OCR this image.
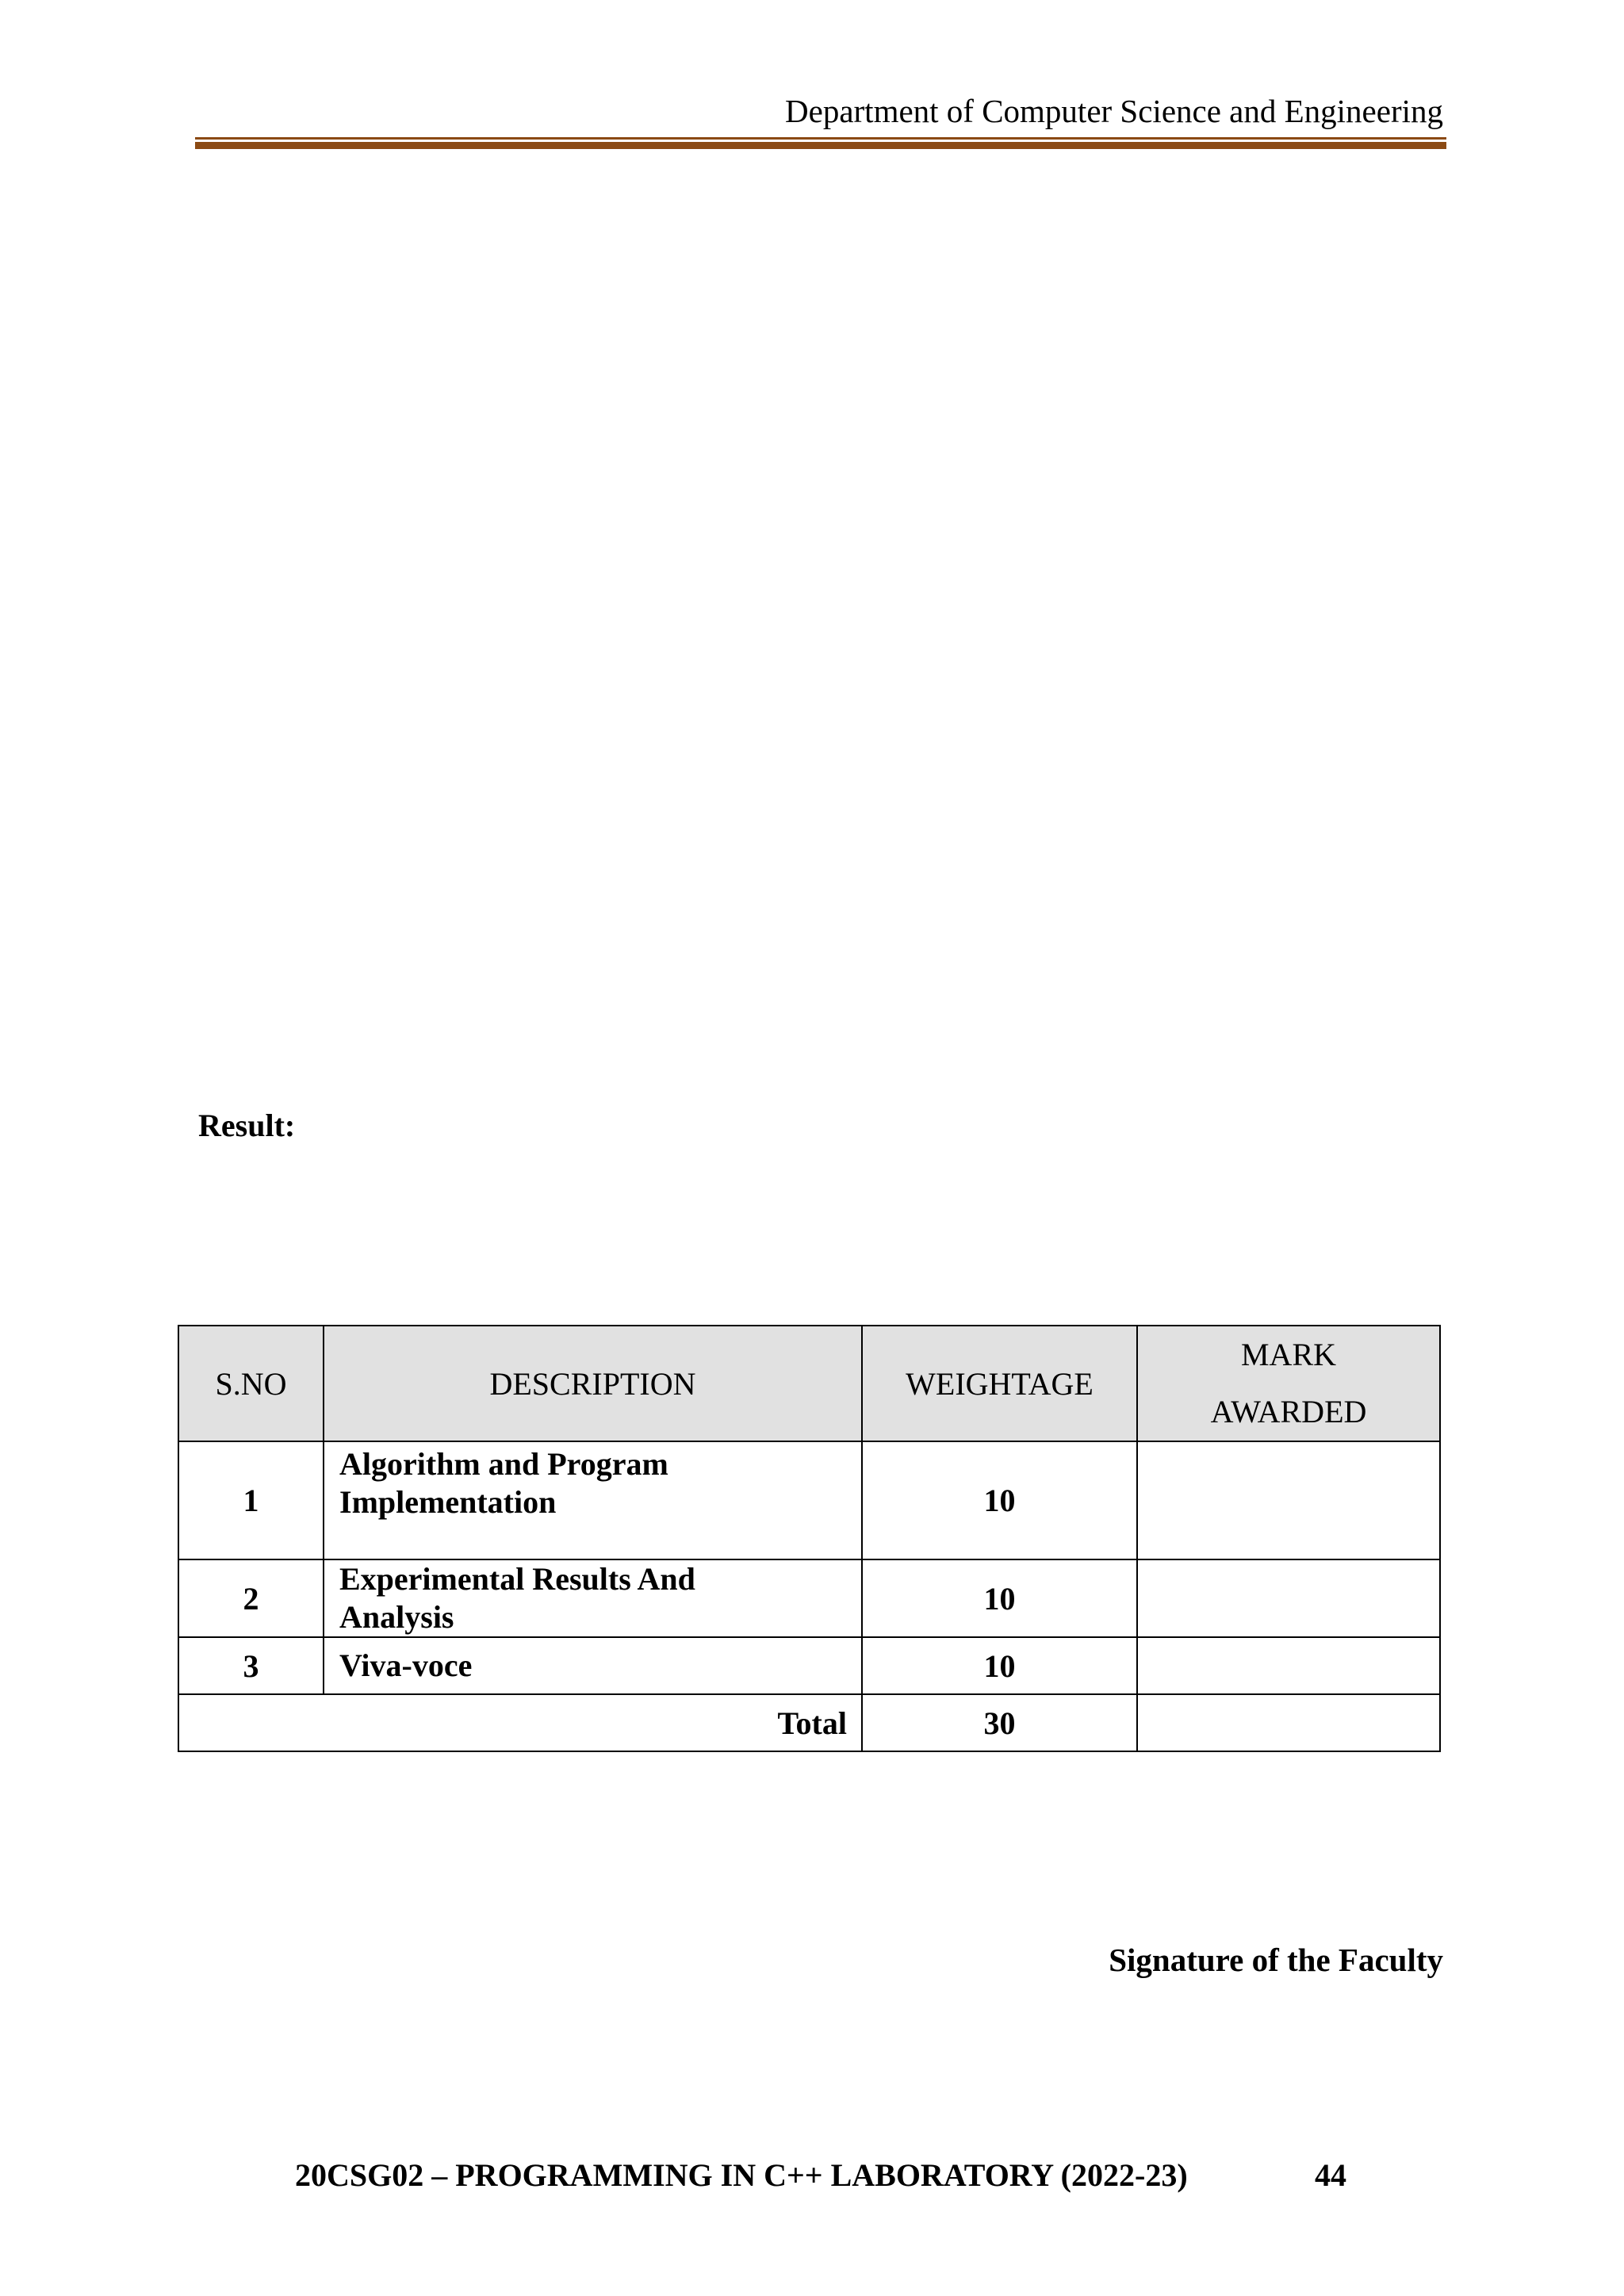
Department of Computer Science and Engineering
Result:
S.NO	DESCRIPTION	WEIGHTAGE	MARK
AWARDED

1	Algorithm and Program
Implementation	10	
2	Experimental Results And
Analysis	10	
3	Viva-voce	10	
Total		30	
Signature of the Faculty
20CSG02 – PROGRAMMING IN C++ LABORATORY (2022-23)	44
